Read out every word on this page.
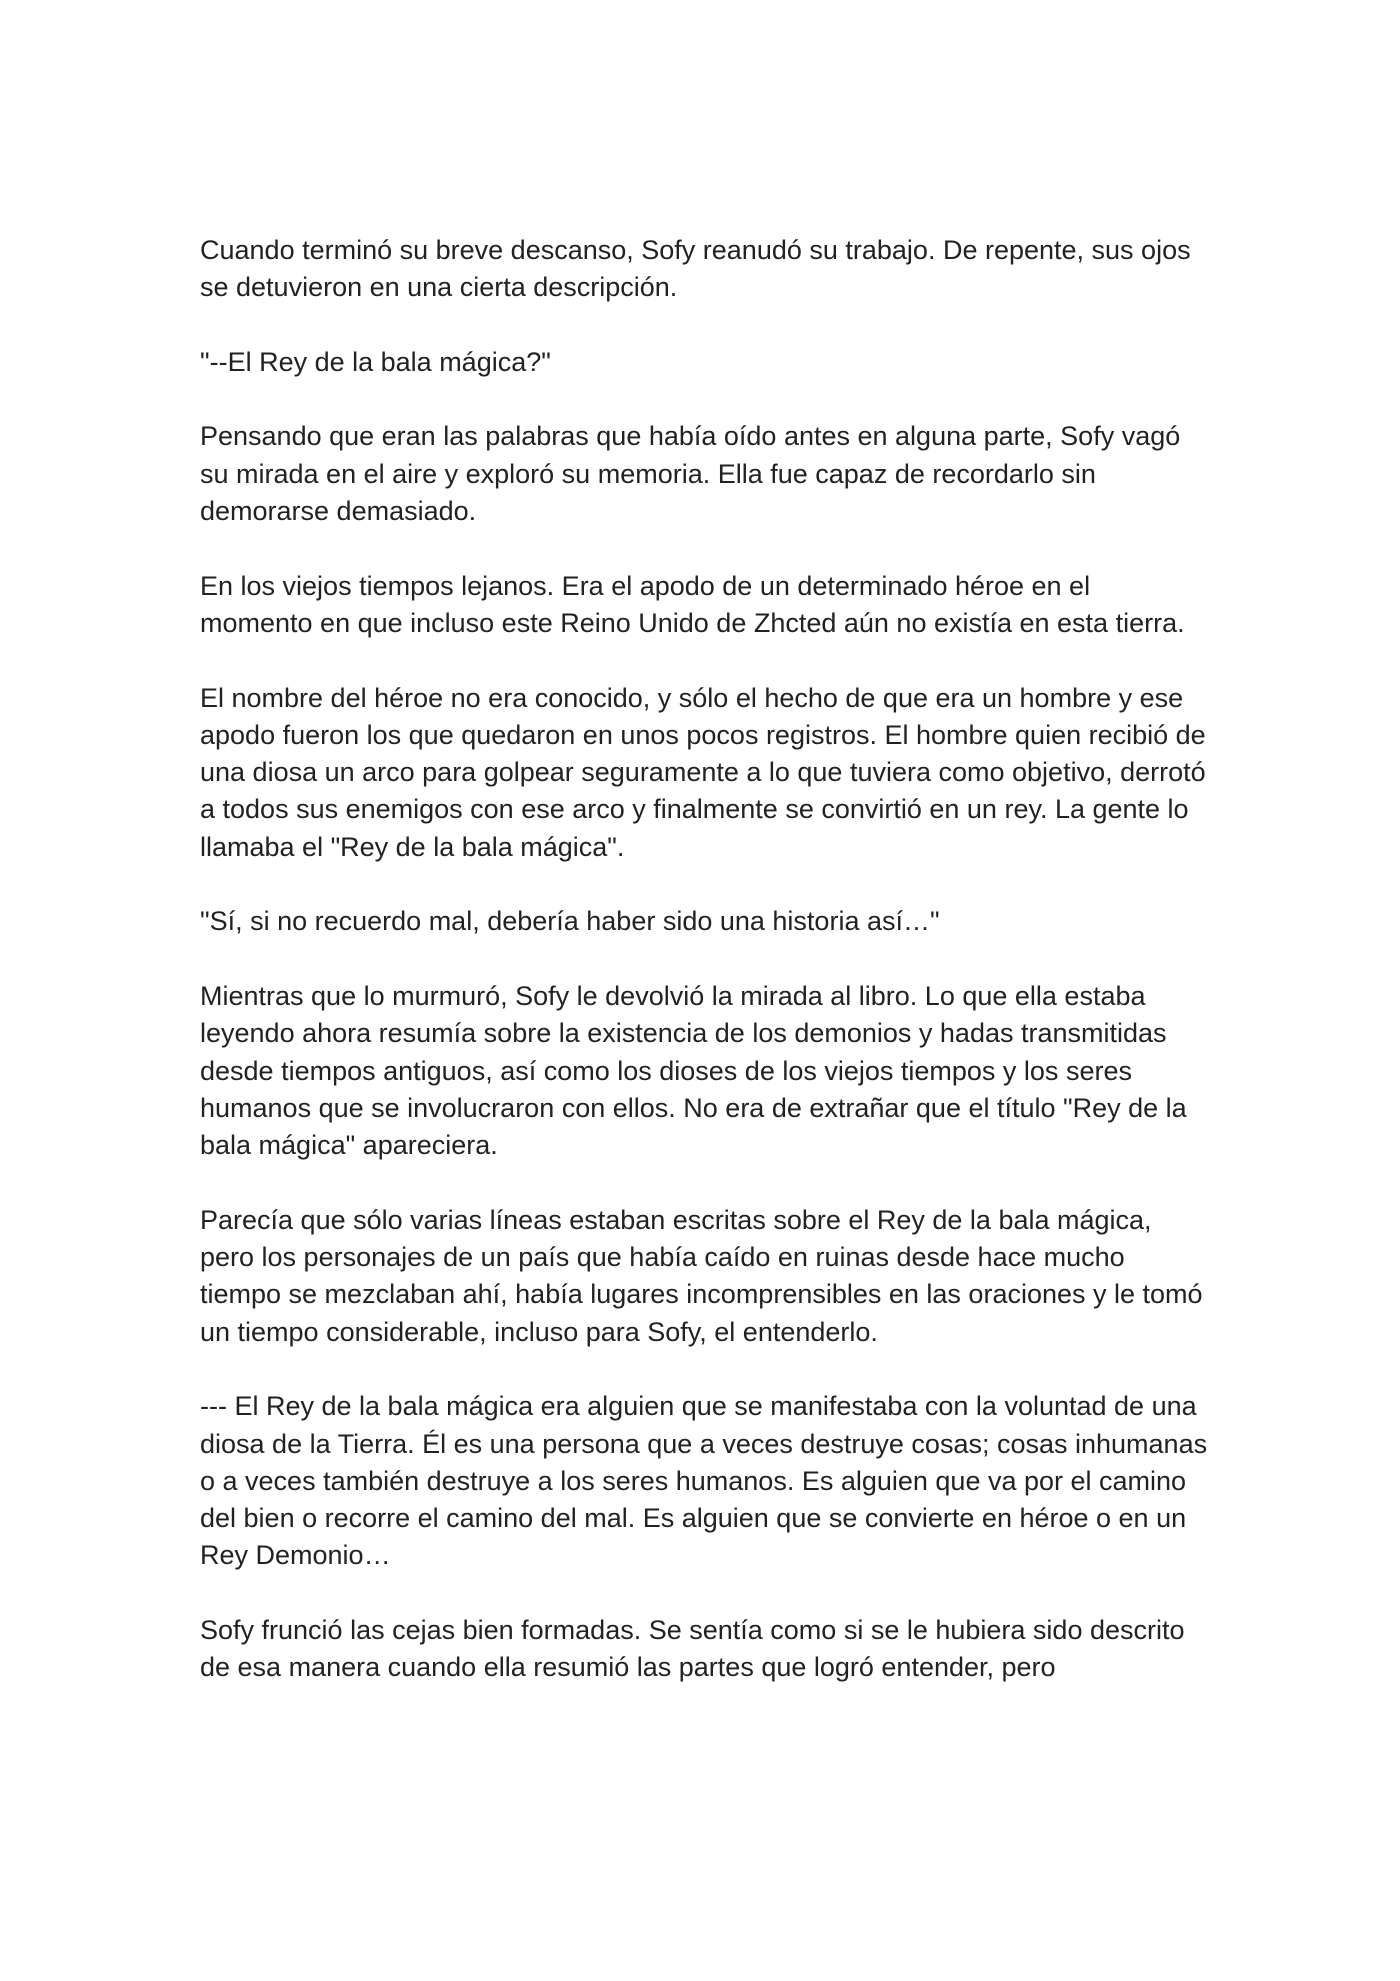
Cuando terminó su breve descanso, Sofy reanudó su trabajo. De repente, sus ojos se detuvieron en una cierta descripción.

"--El Rey de la bala mágica?"

Pensando que eran las palabras que había oído antes en alguna parte, Sofy vagó su mirada en el aire y exploró su memoria. Ella fue capaz de recordarlo sin demorarse demasiado.

En los viejos tiempos lejanos. Era el apodo de un determinado héroe en el momento en que incluso este Reino Unido de Zhcted aún no existía en esta tierra.

El nombre del héroe no era conocido, y sólo el hecho de que era un hombre y ese apodo fueron los que quedaron en unos pocos registros. El hombre quien recibió de una diosa un arco para golpear seguramente a lo que tuviera como objetivo, derrotó a todos sus enemigos con ese arco y finalmente se convirtió en un rey. La gente lo llamaba el "Rey de la bala mágica".

"Sí, si no recuerdo mal, debería haber sido una historia así…"

Mientras que lo murmuró, Sofy le devolvió la mirada al libro. Lo que ella estaba leyendo ahora resumía sobre la existencia de los demonios y hadas transmitidas desde tiempos antiguos, así como los dioses de los viejos tiempos y los seres humanos que se involucraron con ellos. No era de extrañar que el título "Rey de la bala mágica" apareciera.

Parecía que sólo varias líneas estaban escritas sobre el Rey de la bala mágica, pero los personajes de un país que había caído en ruinas desde hace mucho tiempo se mezclaban ahí, había lugares incomprensibles en las oraciones y le tomó un tiempo considerable, incluso para Sofy, el entenderlo.

--- El Rey de la bala mágica era alguien que se manifestaba con la voluntad de una diosa de la Tierra. Él es una persona que a veces destruye cosas; cosas inhumanas o a veces también destruye a los seres humanos. Es alguien que va por el camino del bien o recorre el camino del mal. Es alguien que se convierte en héroe o en un Rey Demonio…

Sofy frunció las cejas bien formadas. Se sentía como si se le hubiera sido descrito de esa manera cuando ella resumió las partes que logró entender, pero
